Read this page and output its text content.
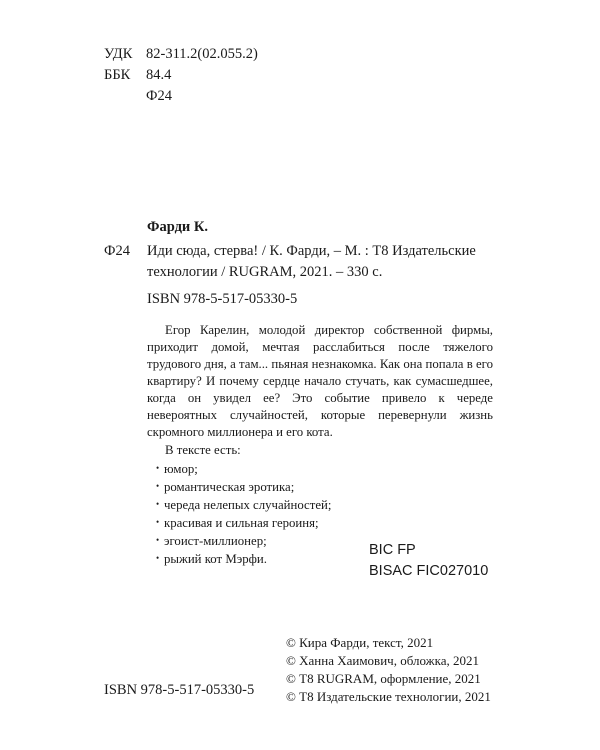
УДК 82-311.2(02.055.2)
ББК 84.4
Ф24
Фарди К.
Ф24 Иди сюда, стерва! / К. Фарди, – М. : Т8 Издательские
технологии / RUGRAM, 2021. – 330 с.
ISBN 978-5-517-05330-5

Егор Карелин, молодой директор собственной фирмы, приходит домой, мечтая расслабиться после тяжелого трудового дня, а там... пьяная незнакомка. Как она попала в его квартиру? И почему сердце начало стучать, как сумасшедшее, когда он увидел ее? Это событие привело к череде невероятных случайностей, которые перевернули жизнь скромного миллионера и его кота.

В тексте есть:
• юмор;
• романтическая эротика;
• череда нелепых случайностей;
• красивая и сильная героиня;
• эгоист-миллионер;
• рыжий кот Мэрфи.
BIC FP
BISAC FIC027010
ISBN 978-5-517-05330-5
© Кира Фарди, текст, 2021
© Ханна Хаимович, обложка, 2021
© Т8 RUGRAM, оформление, 2021
© Т8 Издательские технологии, 2021
